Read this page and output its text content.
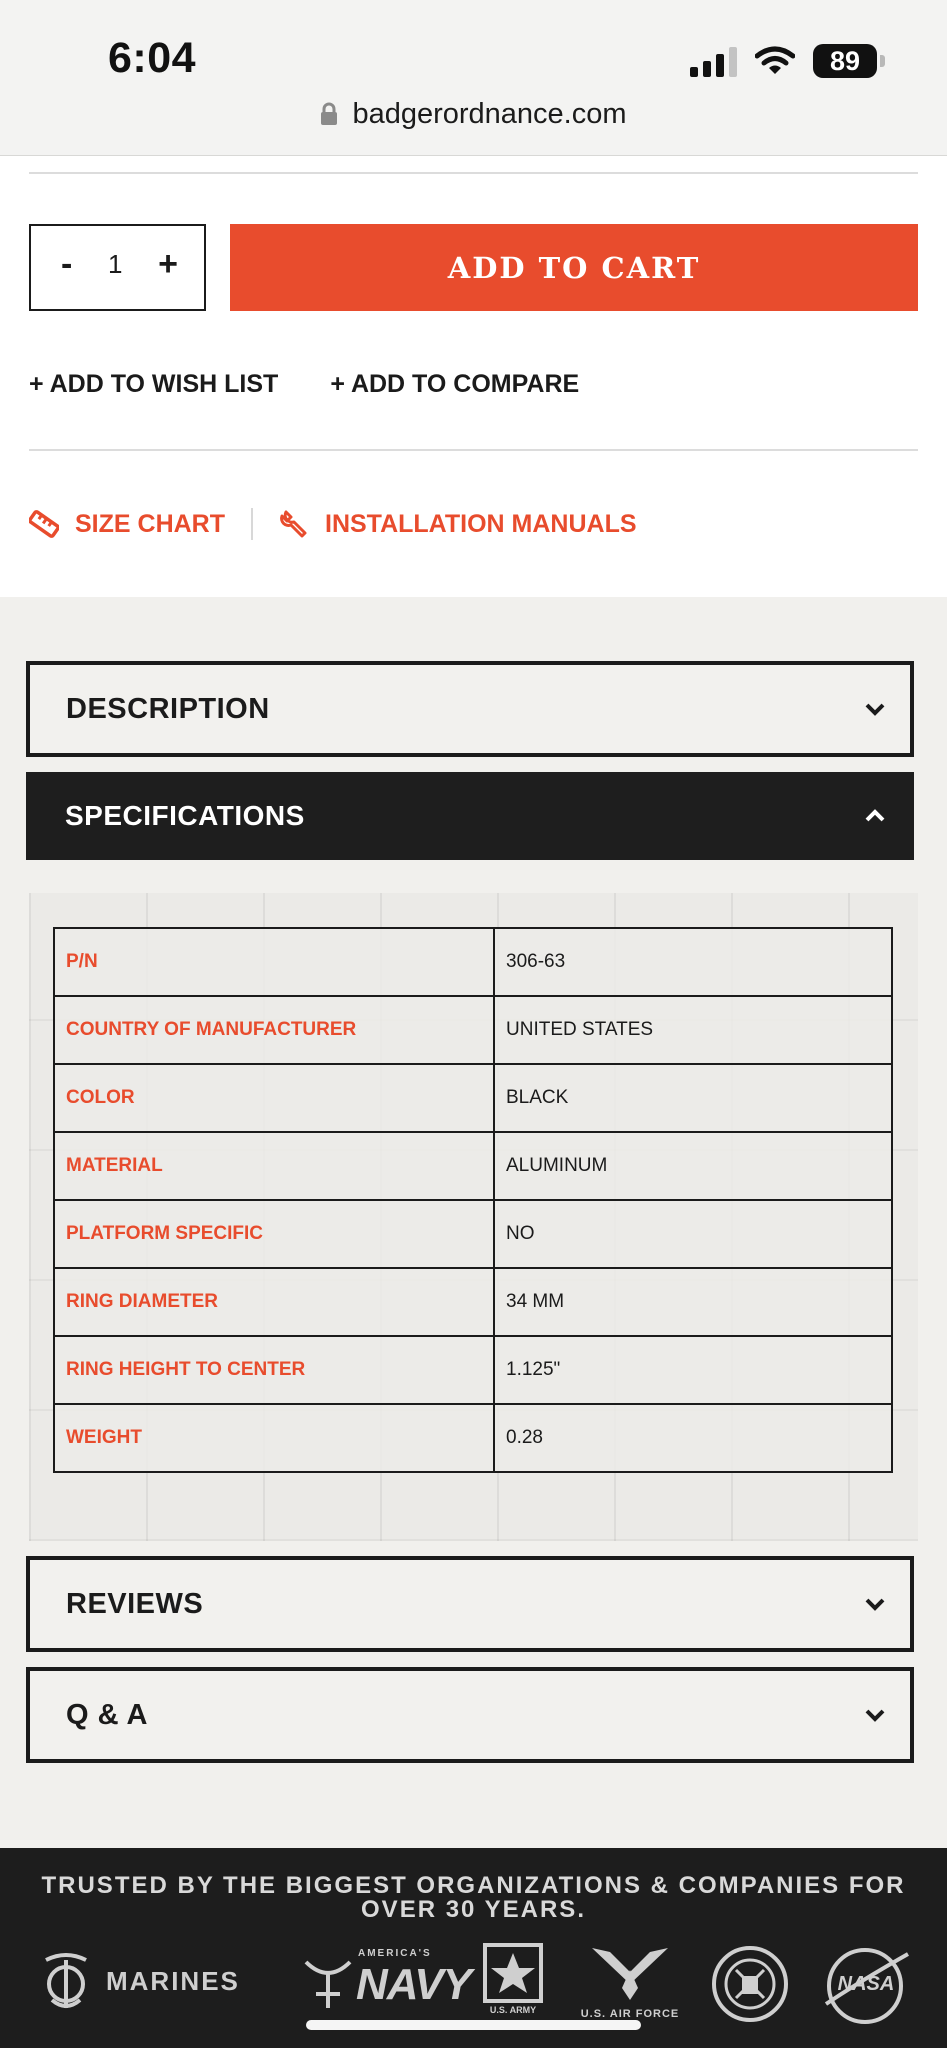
6:04	89
badgerordnance.com
- 1 +	ADD TO CART
+ ADD TO WISH LIST + ADD TO COMPARE
SIZE CHART	INSTALLATION MANUALS
DESCRIPTION
SPECIFICATIONS
P/N	306-63
COUNTRY OF MANUFACTURER	UNITED STATES
COLOR	BLACK
MATERIAL	ALUMINUM
PLATFORM SPECIFIC	NO
RING DIAMETER	34 MM
RING HEIGHT TO CENTER	1.125"
WEIGHT	0.28
REVIEWS
Q & A
TRUSTED BY THE BIGGEST ORGANIZATIONS & COMPANIES FOR OVER 30 YEARS.
MARINES
AMERICA'S
NAVY
U.S. ARMY	U.S. AIR FORCE
NASA
